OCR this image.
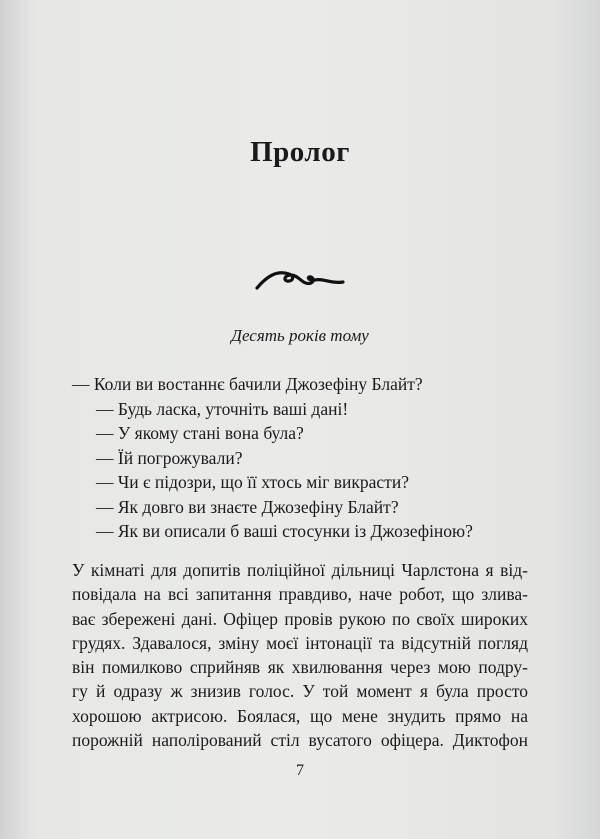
Пролог
Десять років тому
— Коли ви востаннє бачили Джозефіну Блайт?
— Будь ласка, уточніть ваші дані!
— У якому стані вона була?
— Їй погрожували?
— Чи є підозри, що її хтось міг викрасти?
— Як довго ви знаєте Джозефіну Блайт?
— Як ви описали б ваші стосунки із Джозефіною?

У кімнаті для допитів поліційної дільниці Чарлстона я від-
повідала на всі запитання правдиво, наче робот, що злива-
ває збережені дані. Офіцер провів рукою по своїх широких
грудях. Здавалося, зміну моєї інтонації та відсутній погляд
він помилково сприйняв як хвилювання через мою подру-
гу й одразу ж знизив голос. У той момент я була просто
хорошою актрисою. Боялася, що мене знудить прямо на
порожній наполірований стіл вусатого офіцера. Диктофон

7
